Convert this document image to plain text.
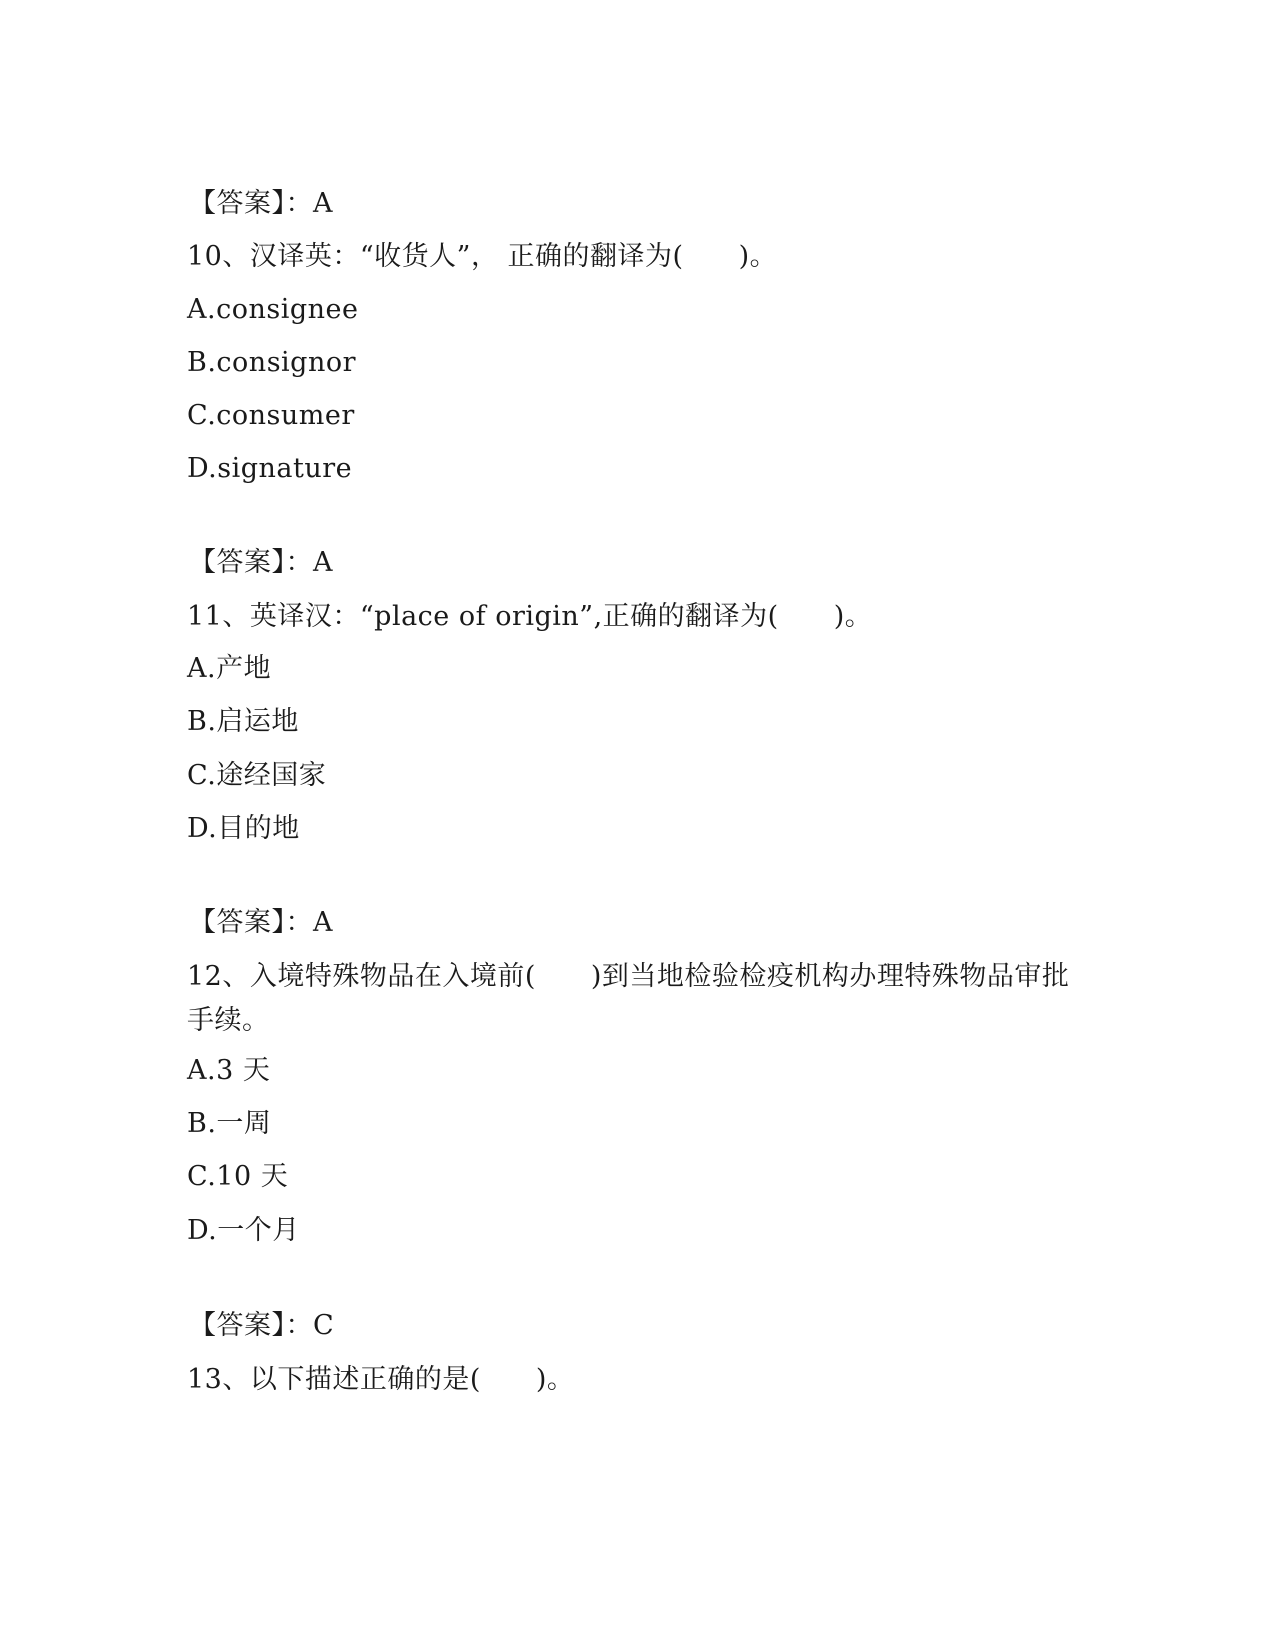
【答案】：A

10、汉译英：“收货人”， 正确的翻译为(　　)。

A.consignee

B.consignor

C.consumer

D.signature

【答案】：A

11、英译汉：“place of origin”,正确的翻译为(　　)。

A.产地

B.启运地

C.途经国家

D.目的地

【答案】：A

12、入境特殊物品在入境前(　　)到当地检验检疫机构办理特殊物品审批手续。

A.3 天

B.一周

C.10 天

D.一个月

【答案】：C

13、以下描述正确的是(　　)。
